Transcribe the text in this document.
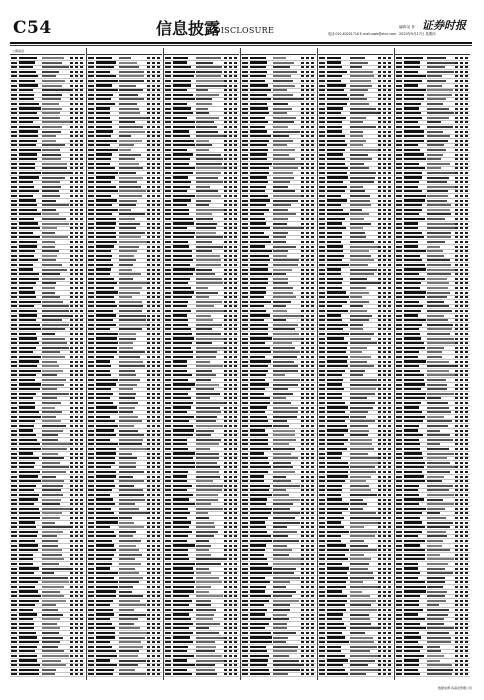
C54	信息披露
DISCLOSURE	电话:010-83251716 E-mail:zqsb@stcn.com
编辑:吴 菲
2020年9月17日 星期四
证券时报
公募基金
数据来源:各基金管理公司
